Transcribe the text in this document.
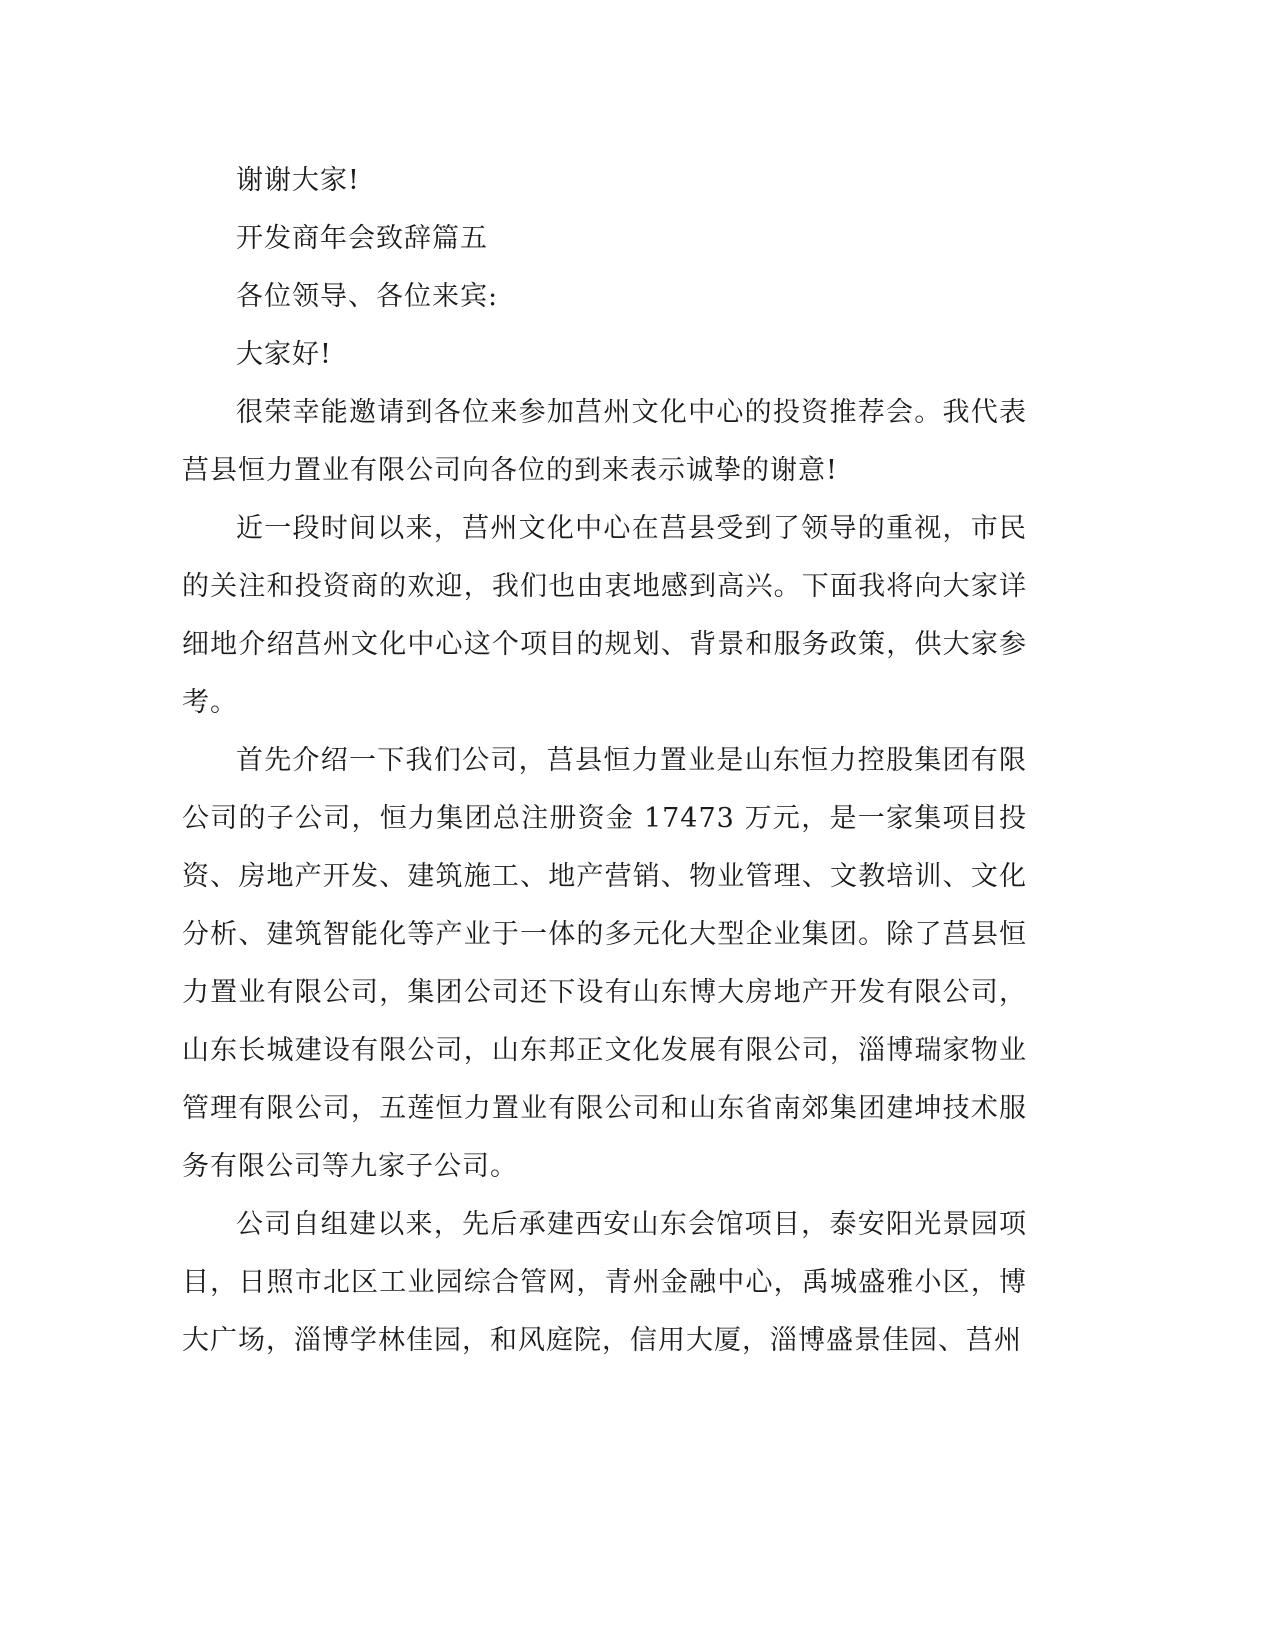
谢谢大家!

开发商年会致辞篇五

各位领导、各位来宾:

大家好!

很荣幸能邀请到各位来参加莒州文化中心的投资推荐会。我代表莒县恒力置业有限公司向各位的到来表示诚挚的谢意!

近一段时间以来，莒州文化中心在莒县受到了领导的重视，市民的关注和投资商的欢迎，我们也由衷地感到高兴。下面我将向大家详细地介绍莒州文化中心这个项目的规划、背景和服务政策，供大家参考。

首先介绍一下我们公司，莒县恒力置业是山东恒力控股集团有限公司的子公司，恒力集团总注册资金 17473 万元，是一家集项目投资、房地产开发、建筑施工、地产营销、物业管理、文教培训、文化分析、建筑智能化等产业于一体的多元化大型企业集团。除了莒县恒力置业有限公司，集团公司还下设有山东博大房地产开发有限公司，山东长城建设有限公司，山东邦正文化发展有限公司，淄博瑞家物业管理有限公司，五莲恒力置业有限公司和山东省南郊集团建坤技术服务有限公司等九家子公司。

公司自组建以来，先后承建西安山东会馆项目，泰安阳光景园项目，日照市北区工业园综合管网，青州金融中心，禹城盛雅小区，博大广场，淄博学林佳园，和风庭院，信用大厦，淄博盛景佳园、莒州
